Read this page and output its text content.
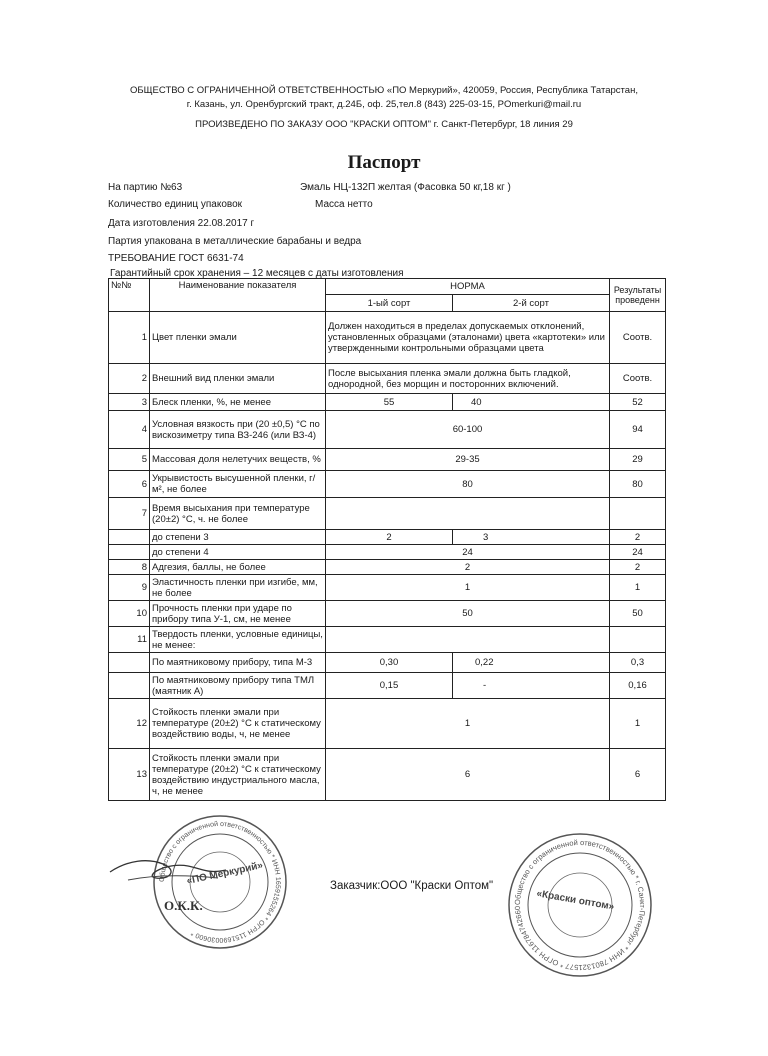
ОБЩЕСТВО С ОГРАНИЧЕННОЙ ОТВЕТСТВЕННОСТЬЮ «ПО Меркурий», 420059, Россия, Республика Татарстан,
г. Казань, ул. Оренбургский тракт, д.24Б, оф. 25,тел.8 (843) 225-03-15, POmerkuri@mail.ru
ПРОИЗВЕДЕНО ПО ЗАКАЗУ ООО "КРАСКИ ОПТОМ" г. Санкт-Петербург, 18 линия 29
Паспорт
На партию №63	Эмаль НЦ-132П желтая (Фасовка 50 кг,18 кг )
Количество единиц упаковок	Масса нетто
Дата изготовления 22.08.2017 г
Партия упакована в металлические барабаны и ведра
ТРЕБОВАНИЕ ГОСТ 6631-74
Гарантийный срок хранения – 12 месяцев с даты изготовления
№№	Наименование показателя	НОРМА		Результаты проведенн
		1-ый сорт	2-й сорт	
1	Цвет пленки эмали	Должен находиться в пределах допускаемых отклонений, установленных образцами (эталонами) цвета «картотеки» или утвержденными контрольными образцами цвета		Соотв.
2	Внешний вид пленки эмали	После высыхания пленка эмали должна быть гладкой, однородной, без морщин и посторонних включений.		Соотв.
3	Блеск пленки, %, не менее	55	40	52
4	Условная вязкость при (20 ±0,5) °С по вискозиметру типа ВЗ-246 (или ВЗ-4)	60-100		94
5	Массовая доля нелетучих веществ, %	29-35		29
6	Укрывистость высушенной пленки, г/м², не более	80		80
7	Время высыхания при температуре (20±2) °С, ч. не более			
	до степени 3	2	3	2
	до степени 4	24		24
8	Адгезия, баллы, не более	2		2
9	Эластичность пленки при изгибе, мм, не более	1		1
10	Прочность пленки при ударе по прибору типа У-1, см, не менее	50		50
11	Твердость пленки, условные единицы, не менее:			
	По маятниковому прибору, типа М-3	0,30	0,22	0,3
	По маятниковому прибору типа ТМЛ (маятник А)	0,15	-	0,16
12	Стойкость пленки эмали при температуре (20±2) °С к статическому воздействию воды, ч, не менее	1		1
13	Стойкость пленки эмали при температуре (20±2) °С к статическому воздействию индустриального масла, ч, не менее	6		6
Заказчик:ООО "Краски Оптом"
Общество с ограниченной ответственностью * ИНН 1659155264 * ОГРН 1151690030600 *
«ПО Меркурий»
О.К.К.	Общество с ограниченной ответственностью * г. Санкт-Петербург * ИНН 7801321577 * ОГРН 116784742660	«Краски оптом»
